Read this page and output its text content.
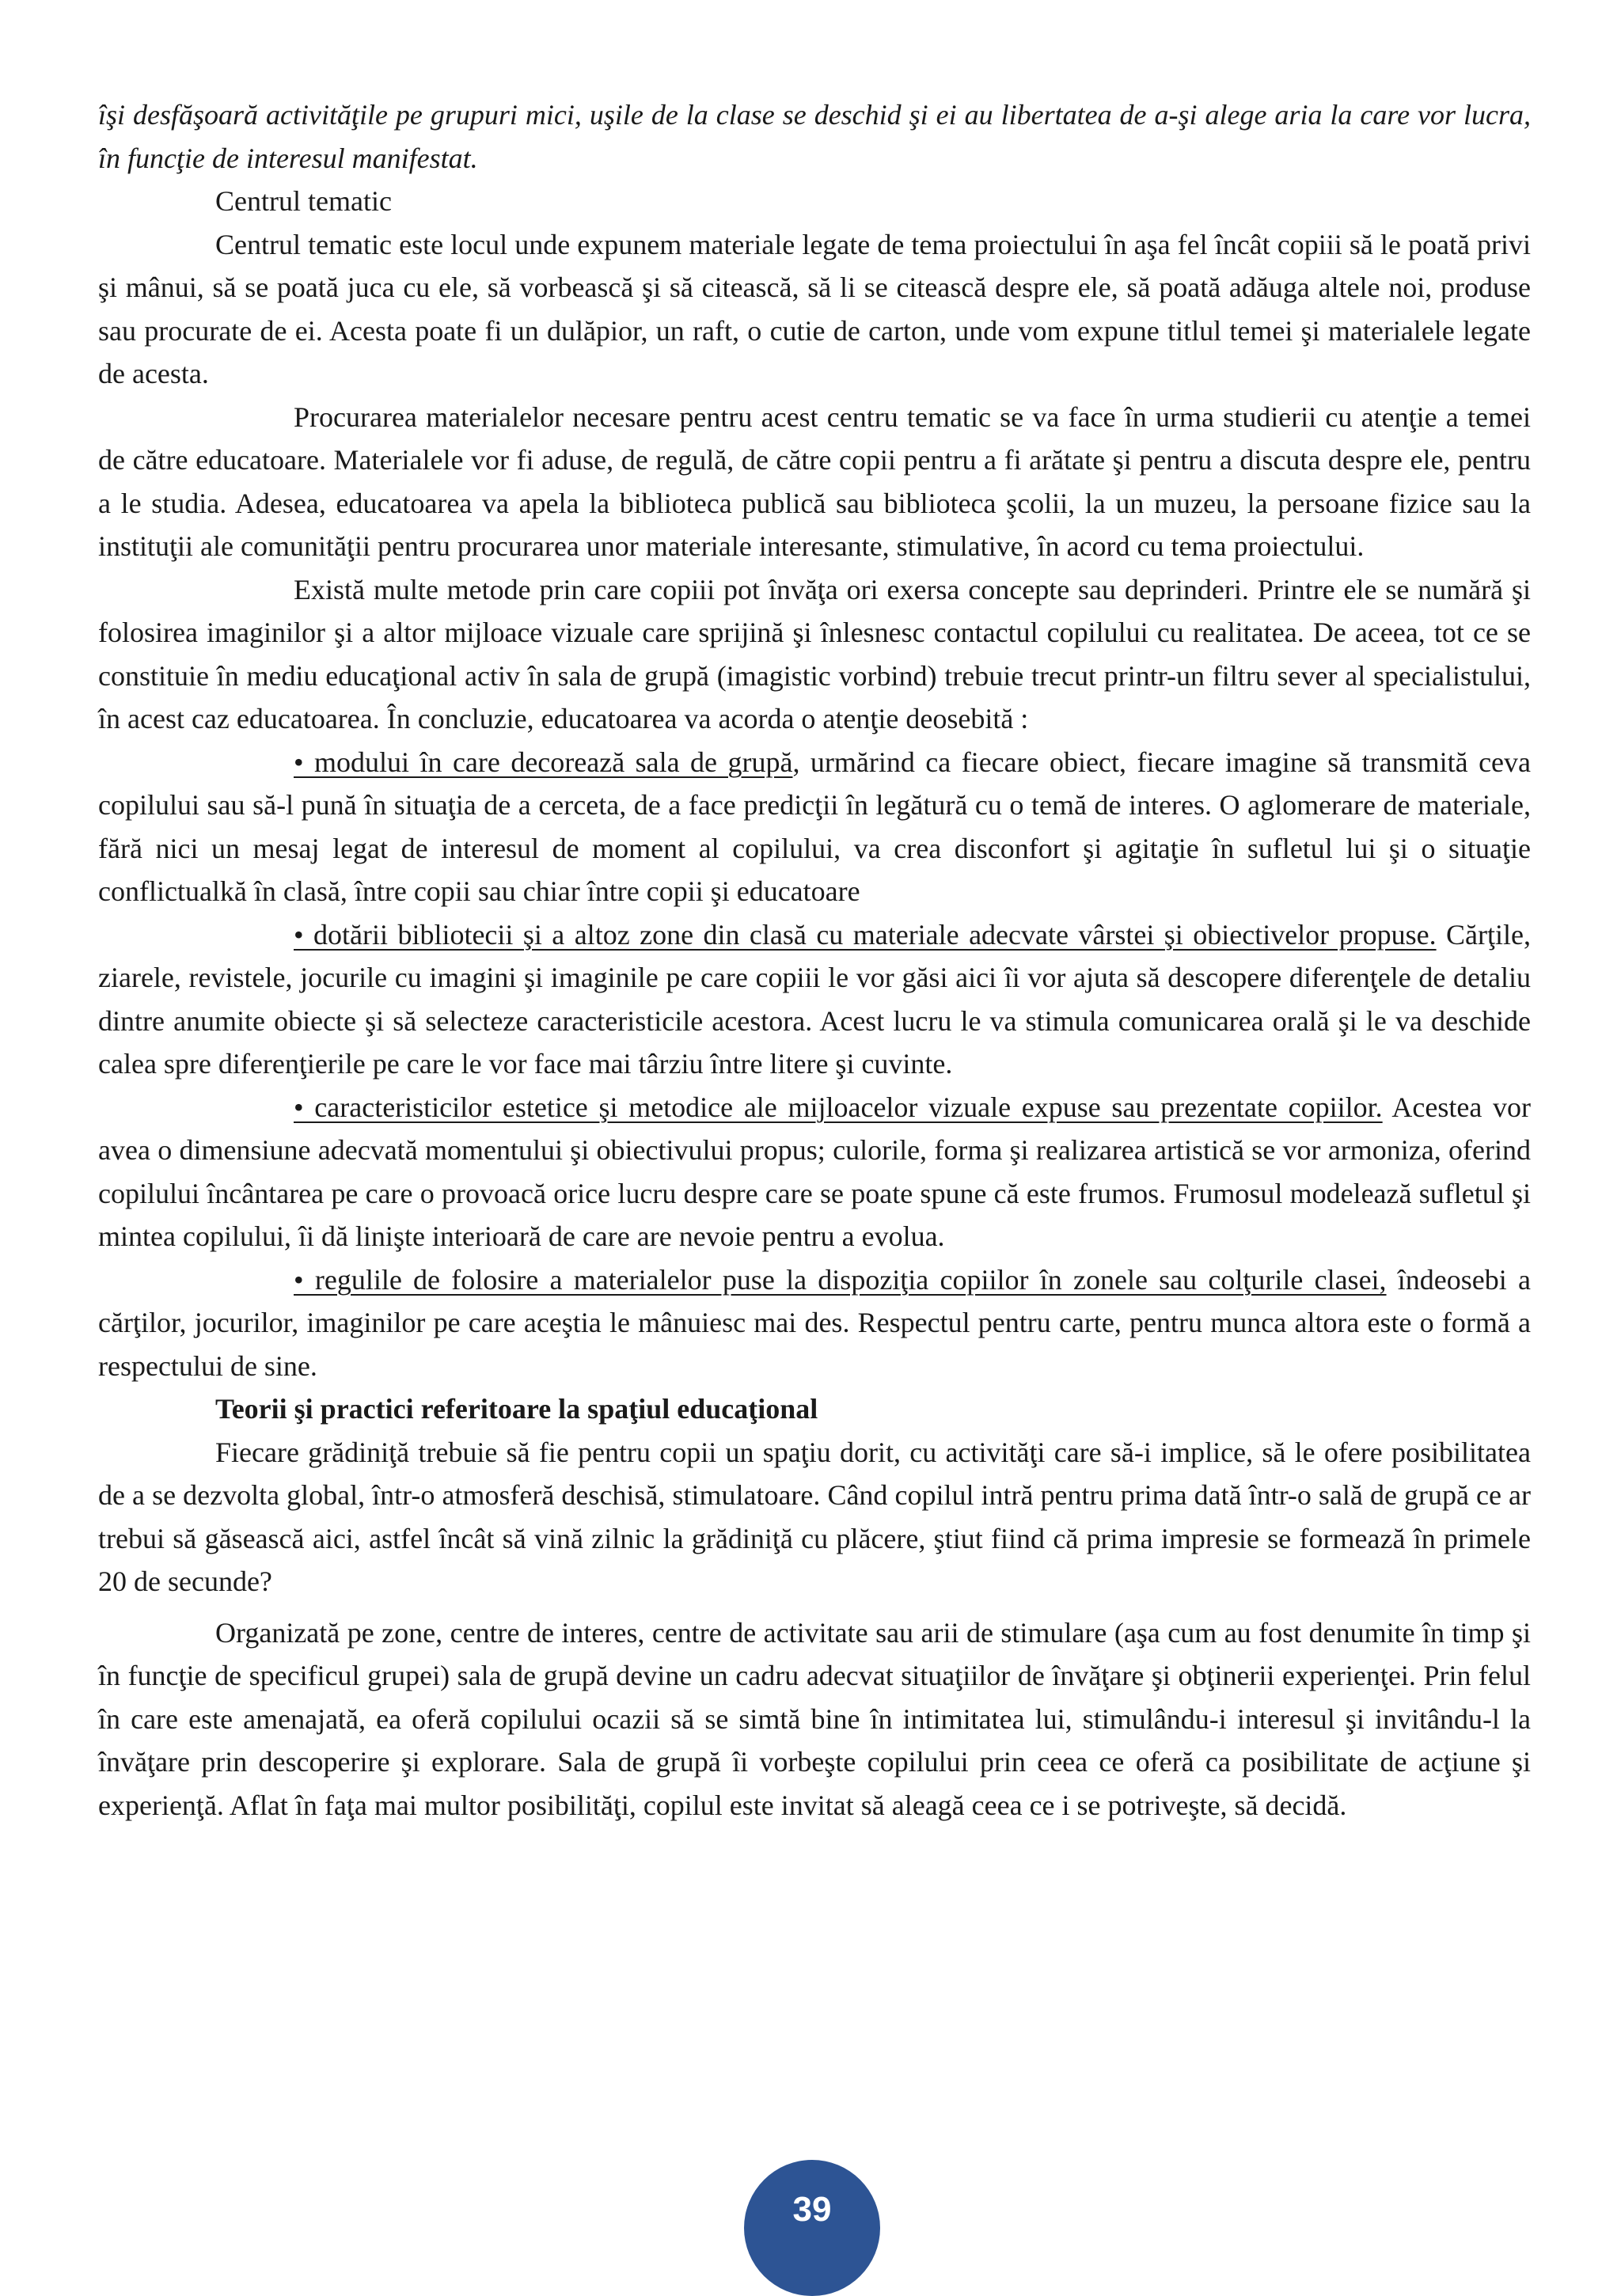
îşi desfăşoară activităţile pe grupuri mici, uşile de la clase se deschid şi ei au libertatea de a-şi alege aria la care vor lucra, în funcţie de interesul manifestat.

Centrul tematic

Centrul tematic este locul unde expunem materiale legate de tema proiectului în aşa fel încât copiii să le poată privi şi mânui, să se poată juca cu ele, să vorbească şi să citească, să li se citească despre ele, să poată adăuga altele noi, produse sau procurate de ei. Acesta poate fi un dulăpior, un raft, o cutie de carton, unde vom expune titlul temei şi materialele legate de acesta.

Procurarea materialelor necesare pentru acest centru tematic se va face în urma studierii cu atenţie a temei de către educatoare. Materialele vor fi aduse, de regulă, de către copii pentru a fi arătate şi pentru a discuta despre ele, pentru a le studia. Adesea, educatoarea va apela la biblioteca publică sau biblioteca şcolii, la un muzeu, la persoane fizice sau la instituţii ale comunităţii pentru procurarea unor materiale interesante, stimulative, în acord cu tema proiectului.

Există multe metode prin care copiii pot învăţa ori exersa concepte sau deprinderi. Printre ele se numără şi folosirea imaginilor şi a altor mijloace vizuale care sprijină şi înlesnesc contactul copilului cu realitatea. De aceea, tot ce se constituie în mediu educaţional activ în sala de grupă (imagistic vorbind) trebuie trecut printr-un filtru sever al specialistului, în acest caz educatoarea. În concluzie, educatoarea va acorda o atenţie deosebită :

• modului în care decorează sala de grupă, urmărind ca fiecare obiect, fiecare imagine să transmită ceva copilului sau să-l pună în situaţia de a cerceta, de a face predicţii în legătură cu o temă de interes. O aglomerare de materiale, fără nici un mesaj legat de interesul de moment al copilului, va crea disconfort şi agitaţie în sufletul lui şi o situaţie conflictualkă în clasă, între copii sau chiar între copii şi educatoare

• dotării bibliotecii şi a altoz zone din clasă cu materiale adecvate vârstei şi obiectivelor propuse. Cărţile, ziarele, revistele, jocurile cu imagini şi imaginile pe care copiii le vor găsi aici îi vor ajuta să descopere diferenţele de detaliu dintre anumite obiecte şi să selecteze caracteristicile acestora. Acest lucru le va stimula comunicarea orală şi le va deschide calea spre diferenţierile pe care le vor face mai târziu între litere şi cuvinte.

• caracteristicilor estetice şi metodice ale mijloacelor vizuale expuse sau prezentate copiilor. Acestea vor avea o dimensiune adecvată momentului şi obiectivului propus; culorile, forma şi realizarea artistică se vor armoniza, oferind copilului încântarea pe care o provoacă orice lucru despre care se poate spune că este frumos. Frumosul modelează sufletul şi mintea copilului, îi dă linişte interioară de care are nevoie pentru a evolua.

• regulile de folosire a materialelor puse la dispoziţia copiilor în zonele sau colţurile clasei, îndeosebi a cărţilor, jocurilor, imaginilor pe care aceştia le mânuiesc mai des. Respectul pentru carte, pentru munca altora este o formă a respectului de sine.

Teorii şi practici referitoare la spaţiul educaţional

Fiecare grădiniţă trebuie să fie pentru copii un spaţiu dorit, cu activităţi care să-i implice, să le ofere posibilitatea de a se dezvolta global, într-o atmosferă deschisă, stimulatoare. Când copilul intră pentru prima dată într-o sală de grupă ce ar trebui să găsească aici, astfel încât să vină zilnic la grădiniţă cu plăcere, ştiut fiind că prima impresie se formează în primele 20 de secunde?

Organizată pe zone, centre de interes, centre de activitate sau arii de stimulare (aşa cum au fost denumite în timp şi în funcţie de specificul grupei) sala de grupă devine un cadru adecvat situaţiilor de învăţare şi obţinerii experienţei. Prin felul în care este amenajată, ea oferă copilului ocazii să se simtă bine în intimitatea lui, stimulându-i interesul şi invitându-l la învăţare prin descoperire şi explorare. Sala de grupă îi vorbeşte copilului prin ceea ce oferă ca posibilitate de acţiune şi experienţă. Aflat în faţa mai multor posibilităţi, copilul este invitat să aleagă ceea ce i se potriveşte, să decidă.

39
